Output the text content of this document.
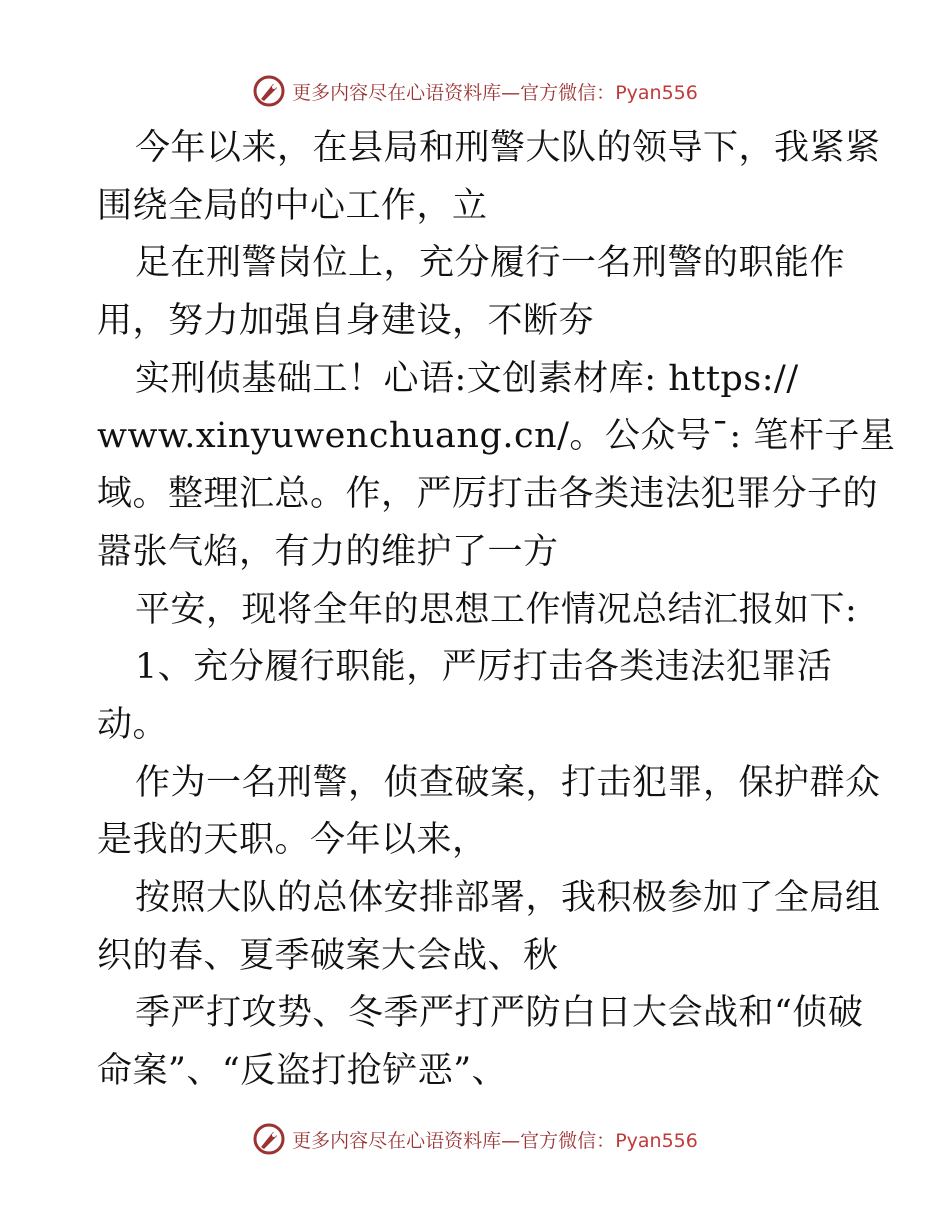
更多内容尽在心语资料库—官方微信：Pyan556
今年以来，在县局和刑警大队的领导下，我紧紧
围绕全局的中心工作，立
足在刑警岗位上，充分履行一名刑警的职能作
用，努力加强自身建设，不断夯
实刑侦基础工！心语:文创素材库: https://
www.xinyuwenchuang.cn/。公众号¯: 笔杆子星
域。整理汇总。作，严厉打击各类违法犯罪分子的
嚣张气焰，有力的维护了一方
平安，现将全年的思想工作情况总结汇报如下:
1、充分履行职能，严厉打击各类违法犯罪活
动。
作为一名刑警，侦查破案，打击犯罪，保护群众
是我的天职。今年以来，
按照大队的总体安排部署，我积极参加了全局组
织的春、夏季破案大会战、秋
季严打攻势、冬季严打严防白日大会战和“侦破
命案”、“反盗打抢铲恶”、
更多内容尽在心语资料库—官方微信：Pyan556
